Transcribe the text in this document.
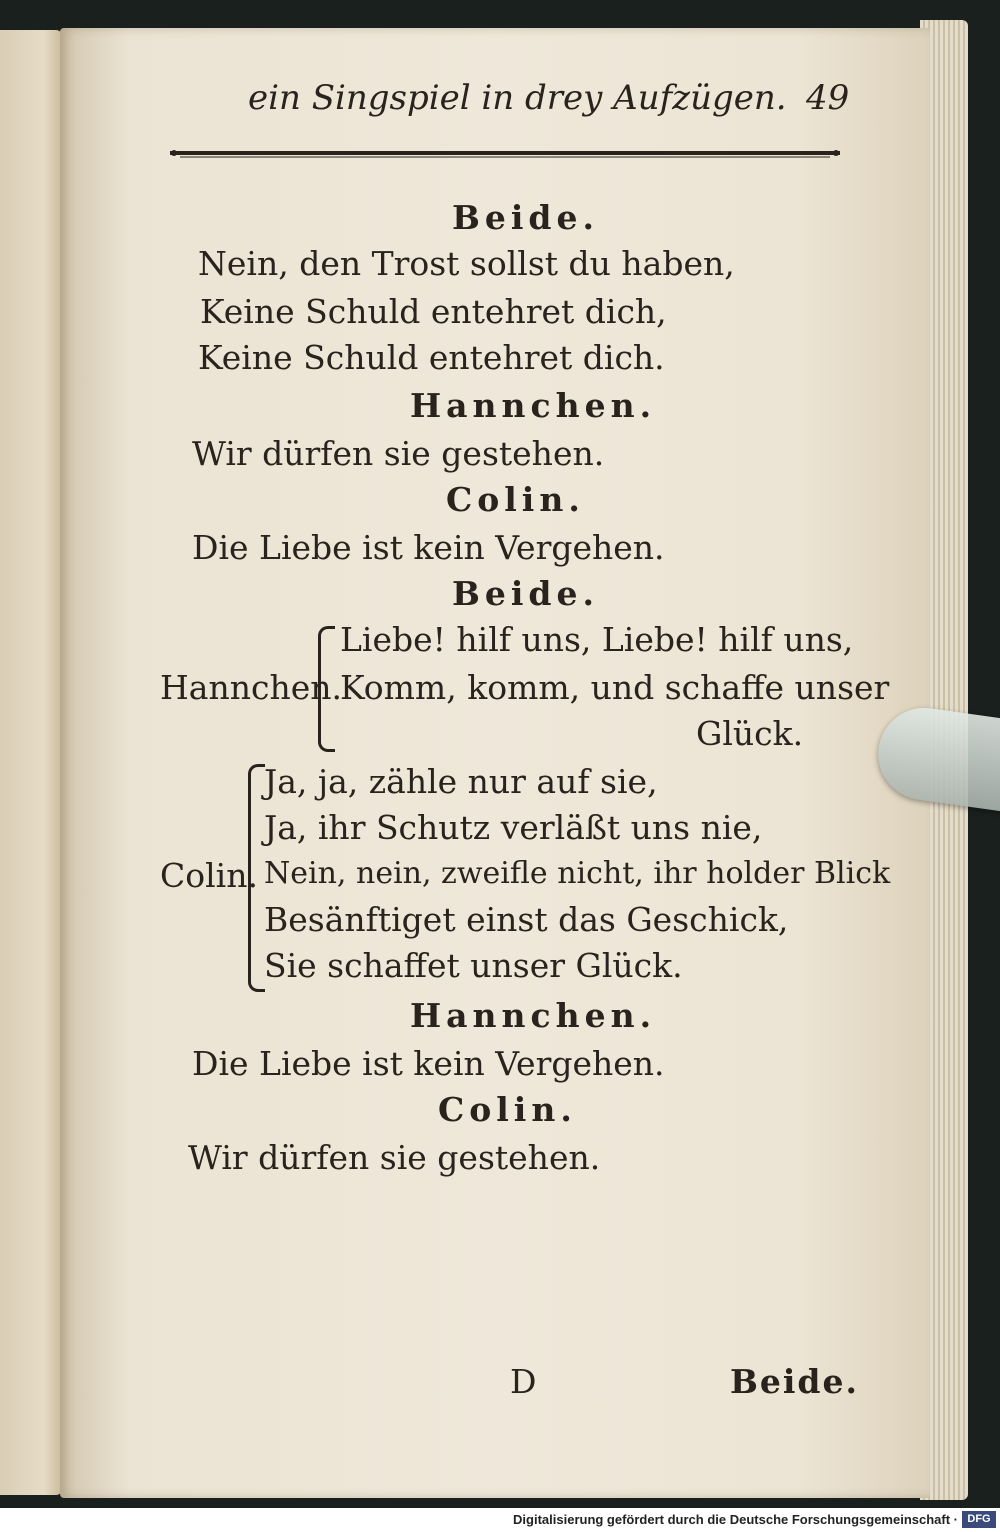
ein Singspiel in drey Aufzügen. 49
Beide.
Nein, den Trost sollst du haben,
Keine Schuld entehret dich,
Keine Schuld entehret dich.
Hannchen.
Wir dürfen sie gestehen.
Colin.
Die Liebe ist kein Vergehen.
Beide.
Hannchen.
Liebe! hilf uns, Liebe! hilf uns,
Komm, komm, und schaffe unser
Glück.
Colin.
Ja, ja, zähle nur auf sie,
Ja, ihr Schutz verläßt uns nie,
Nein, nein, zweifle nicht, ihr holder Blick
Besänftiget einst das Geschick,
Sie schaffet unser Glück.
Hannchen.
Die Liebe ist kein Vergehen.
Colin.
Wir dürfen sie gestehen.
D	Beide.
Digitalisierung gefördert durch die Deutsche Forschungsgemeinschaft · DFG
